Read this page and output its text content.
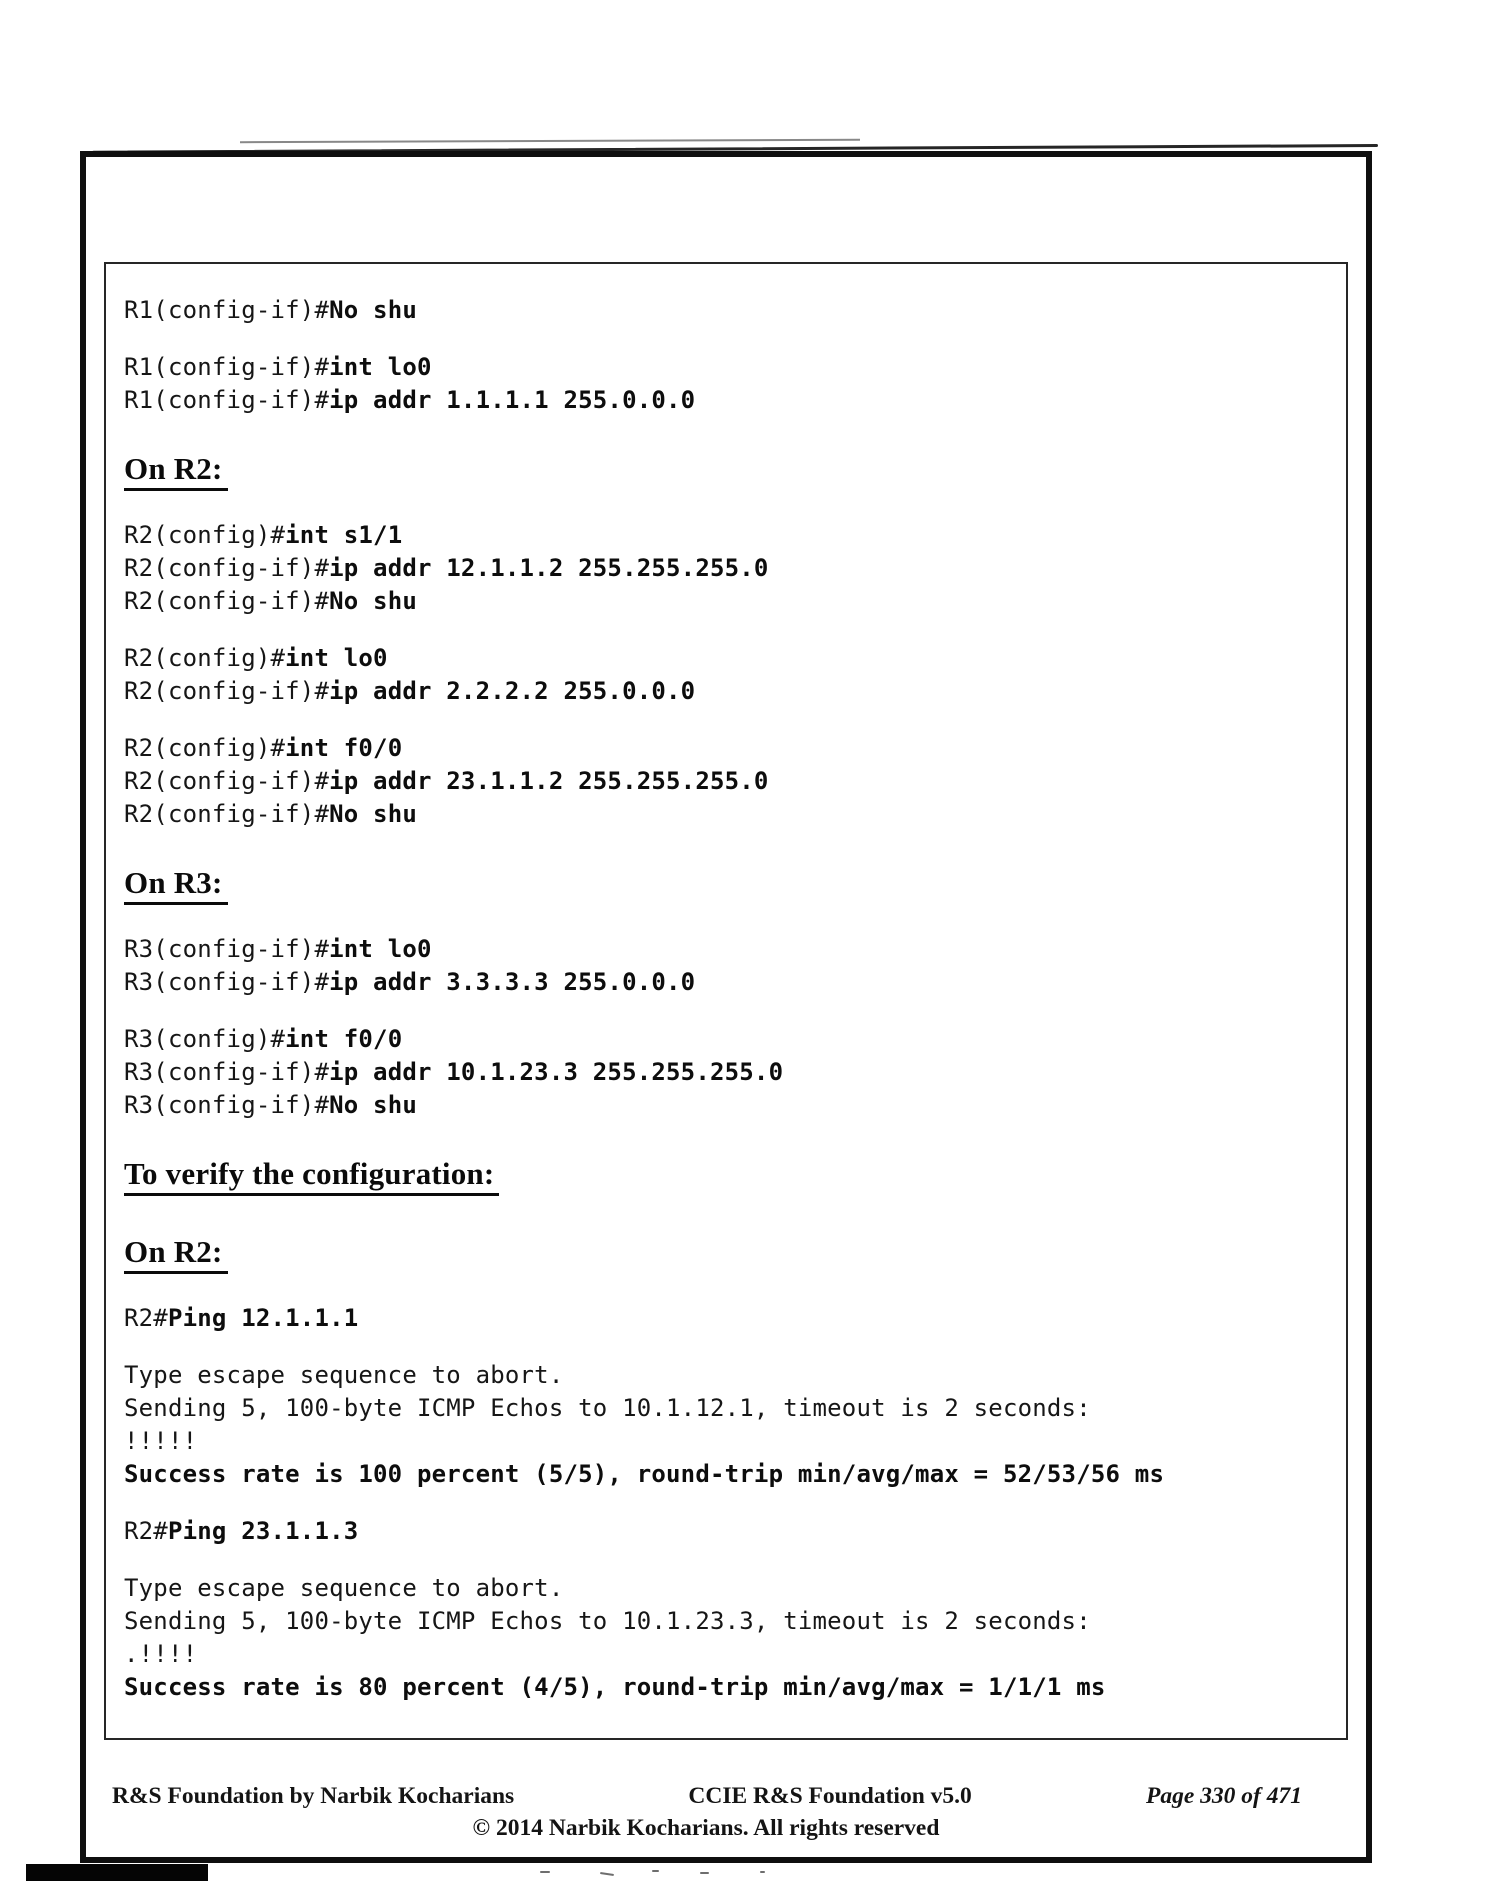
R1(config-if)#No shu
R1(config-if)#int lo0
R1(config-if)#ip addr 1.1.1.1 255.0.0.0
On R2:
R2(config)#int s1/1
R2(config-if)#ip addr 12.1.1.2 255.255.255.0
R2(config-if)#No shu
R2(config)#int lo0
R2(config-if)#ip addr 2.2.2.2 255.0.0.0
R2(config)#int f0/0
R2(config-if)#ip addr 23.1.1.2 255.255.255.0
R2(config-if)#No shu
On R3:
R3(config-if)#int lo0
R3(config-if)#ip addr 3.3.3.3 255.0.0.0
R3(config)#int f0/0
R3(config-if)#ip addr 10.1.23.3 255.255.255.0
R3(config-if)#No shu
To verify the configuration:
On R2:
R2#Ping 12.1.1.1
Type escape sequence to abort.
Sending 5, 100-byte ICMP Echos to 10.1.12.1, timeout is 2 seconds:
!!!!!
Success rate is 100 percent (5/5), round-trip min/avg/max = 52/53/56 ms
R2#Ping 23.1.1.3
Type escape sequence to abort.
Sending 5, 100-byte ICMP Echos to 10.1.23.3, timeout is 2 seconds:
.!!!!
Success rate is 80 percent (4/5), round-trip min/avg/max = 1/1/1 ms
R&S Foundation by Narbik Kocharians	CCIE R&S Foundation v5.0	Page 330 of 471
© 2014 Narbik Kocharians. All rights reserved
